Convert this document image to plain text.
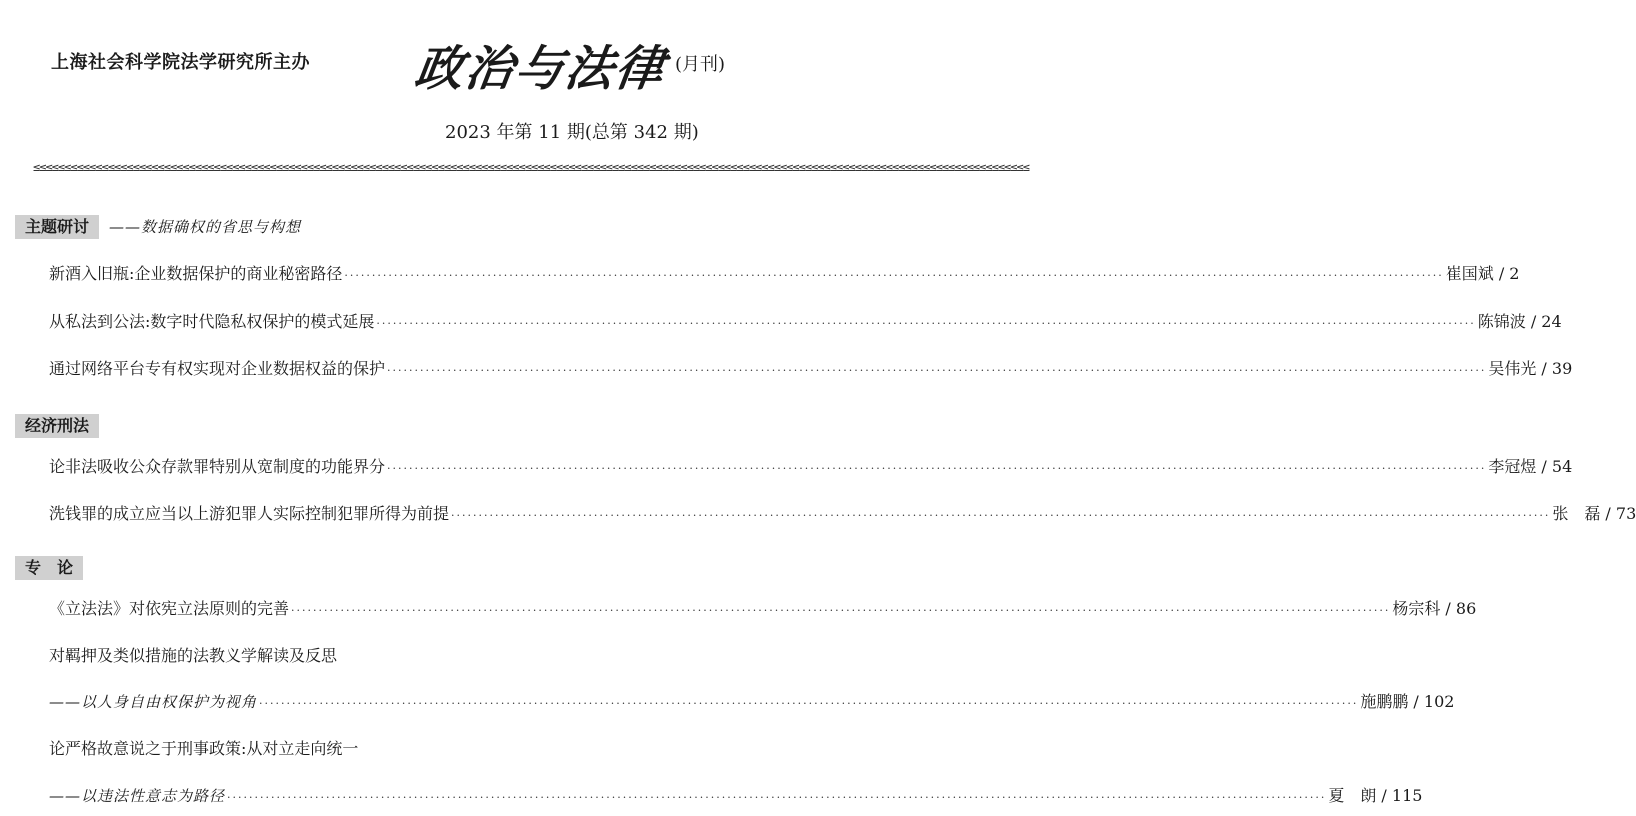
上海社会科学院法学研究所主办 政治与法律 (月刊)
2023 年第 11 期(总第 342 期)
≤≤≤≤≤≤≤≤≤≤≤≤≤≤≤≤≤≤≤≤≤≤≤≤≤≤≤≤≤≤≤≤≤≤≤≤≤≤≤≤≤≤≤≤≤≤≤≤≤≤≤≤≤≤≤≤≤≤≤≤≤≤≤≤≤≤≤≤≤≤≤≤≤≤≤≤≤≤≤≤≤≤≤≤≤≤≤≤≤≤≤≤≤≤≤≤≤≤≤≤≤≤≤≤≤≤≤≤≤≤≤≤≤≤≤≤≤≤≤≤≤≤≤≤≤≤≤≤≤≤≤≤≤≤≤≤≤≤≤≤≤≤≤≤≤≤≤≤≤≤≤≤≤≤≤≤≤≤≤≤
主题研讨	——数据确权的省思与构想
新酒入旧瓶:企业数据保护的商业秘密路径 ········································································································································································································ 崔国斌 / 2
从私法到公法:数字时代隐私权保护的模式延展 ········································································································································································································ 陈锦波 / 24
通过网络平台专有权实现对企业数据权益的保护 ········································································································································································································ 吴伟光 / 39
经济刑法
论非法吸收公众存款罪特别从宽制度的功能界分 ········································································································································································································ 李冠煜 / 54
洗钱罪的成立应当以上游犯罪人实际控制犯罪所得为前提 ········································································································································································································ 张　磊 / 73
专　论
《立法法》对依宪立法原则的完善 ········································································································································································································ 杨宗科 / 86
对羁押及类似措施的法教义学解读及反思
——以人身自由权保护为视角 ········································································································································································································ 施鹏鹏 / 102
论严格故意说之于刑事政策:从对立走向统一
——以违法性意志为路径 ········································································································································································································ 夏　朗 / 115
